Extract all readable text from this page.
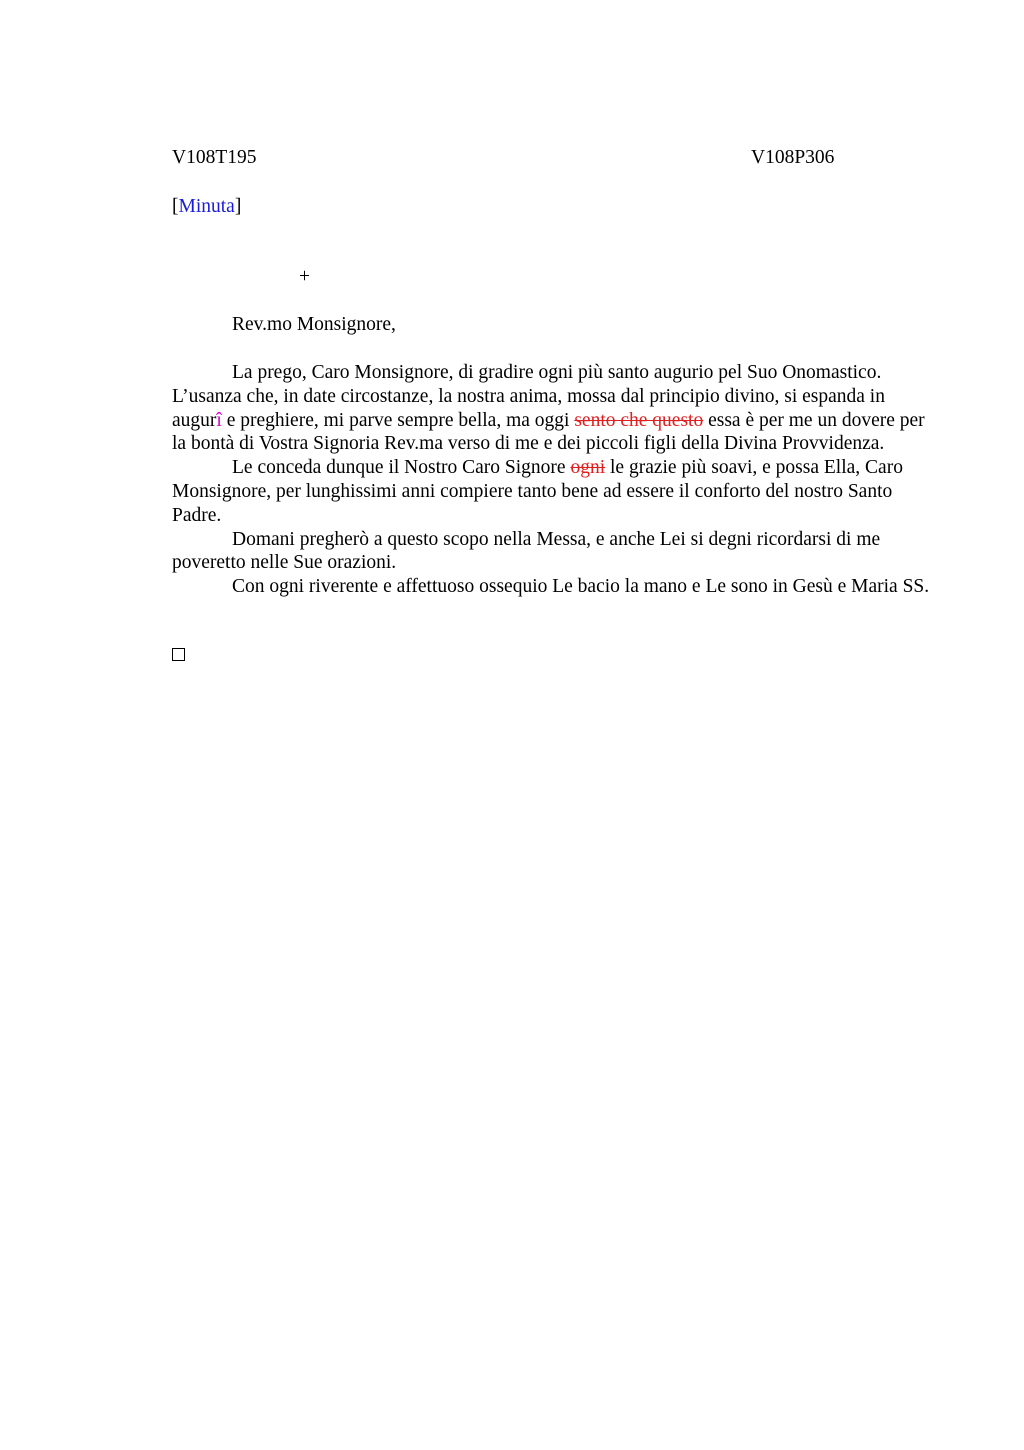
V108T195	V108P306
[Minuta]
+
Rev.mo Monsignore,

La prego, Caro Monsignore, di gradire ogni più santo augurio pel Suo Onomastico. L’usanza che, in date circostanze, la nostra anima, mossa dal principio divino, si espanda in augurî e preghiere, mi parve sempre bella, ma oggi sento che questo essa è per me un dovere per la bontà di Vostra Signoria Rev.ma verso di me e dei piccoli figli della Divina Provvidenza.

Le conceda dunque il Nostro Caro Signore ogni le grazie più soavi, e possa Ella, Caro Monsignore, per lunghissimi anni compiere tanto bene ad essere il conforto del nostro Santo Padre.

Domani pregherò a questo scopo nella Messa, e anche Lei si degni ricordarsi di me poveretto nelle Sue orazioni.

Con ogni riverente e affettuoso ossequio Le bacio la mano e Le sono in Gesù e Maria SS.
